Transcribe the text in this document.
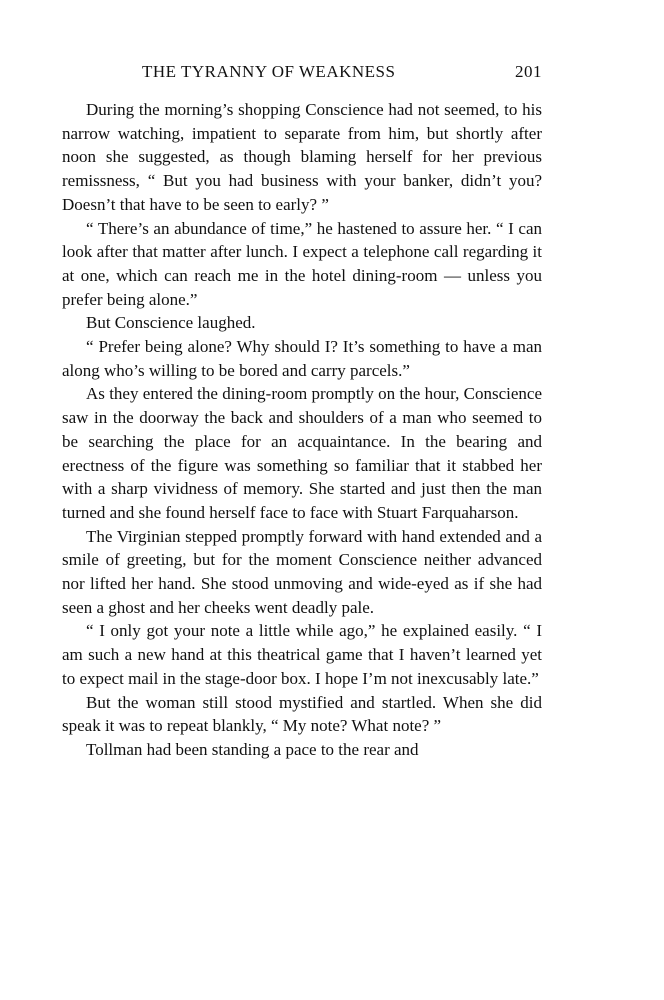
THE TYRANNY OF WEAKNESS	201

During the morning’s shopping Conscience had not seemed, to his narrow watching, impatient to separate from him, but shortly after noon she suggested, as though blaming herself for her previous remissness, “ But you had business with your banker, didn’t you? Doesn’t that have to be seen to early? ”

“ There’s an abundance of time,” he hastened to assure her. “ I can look after that matter after lunch. I expect a telephone call regarding it at one, which can reach me in the hotel dining-room — unless you prefer being alone.”

But Conscience laughed.

“ Prefer being alone? Why should I? It’s something to have a man along who’s willing to be bored and carry parcels.”

As they entered the dining-room promptly on the hour, Conscience saw in the doorway the back and shoulders of a man who seemed to be searching the place for an acquaintance. In the bearing and erectness of the figure was something so familiar that it stabbed her with a sharp vividness of memory. She started and just then the man turned and she found herself face to face with Stuart Farquaharson.

The Virginian stepped promptly forward with hand extended and a smile of greeting, but for the moment Conscience neither advanced nor lifted her hand. She stood unmoving and wide-eyed as if she had seen a ghost and her cheeks went deadly pale.

“ I only got your note a little while ago,” he explained easily. “ I am such a new hand at this theatrical game that I haven’t learned yet to expect mail in the stage-door box. I hope I’m not inexcusably late.”

But the woman still stood mystified and startled. When she did speak it was to repeat blankly, “ My note? What note? ”

Tollman had been standing a pace to the rear and
